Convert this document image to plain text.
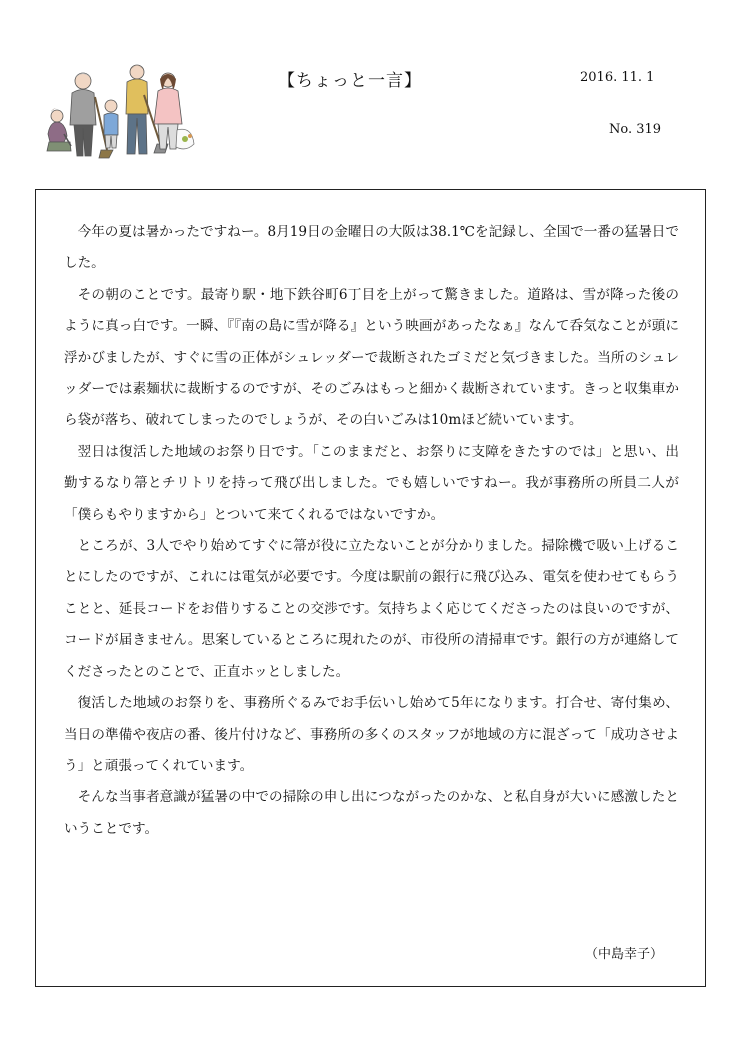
【ちょっと一言】	2016. 11. 1
No. 319

今年の夏は暑かったですねー。8月19日の金曜日の大阪は38.1℃を記録し、全国で一番の猛暑日でした。

その朝のことです。最寄り駅・地下鉄谷町6丁目を上がって驚きました。道路は、雪が降った後のように真っ白です。一瞬、『『南の島に雪が降る』という映画があったなぁ』なんて呑気なことが頭に浮かびましたが、すぐに雪の正体がシュレッダーで裁断されたゴミだと気づきました。当所のシュレッダーでは素麺状に裁断するのですが、そのごみはもっと細かく裁断されています。きっと収集車から袋が落ち、破れてしまったのでしょうが、その白いごみは10mほど続いています。

翌日は復活した地域のお祭り日です。「このままだと、お祭りに支障をきたすのでは」と思い、出勤するなり箒とチリトリを持って飛び出しました。でも嬉しいですねー。我が事務所の所員二人が「僕らもやりますから」とついて来てくれるではないですか。

ところが、3人でやり始めてすぐに箒が役に立たないことが分かりました。掃除機で吸い上げることにしたのですが、これには電気が必要です。今度は駅前の銀行に飛び込み、電気を使わせてもらうことと、延長コードをお借りすることの交渉です。気持ちよく応じてくださったのは良いのですが、コードが届きません。思案しているところに現れたのが、市役所の清掃車です。銀行の方が連絡してくださったとのことで、正直ホッとしました。

復活した地域のお祭りを、事務所ぐるみでお手伝いし始めて5年になります。打合せ、寄付集め、当日の準備や夜店の番、後片付けなど、事務所の多くのスタッフが地域の方に混ざって「成功させよう」と頑張ってくれています。

そんな当事者意識が猛暑の中での掃除の申し出につながったのかな、と私自身が大いに感激したということです。

（中島幸子）
